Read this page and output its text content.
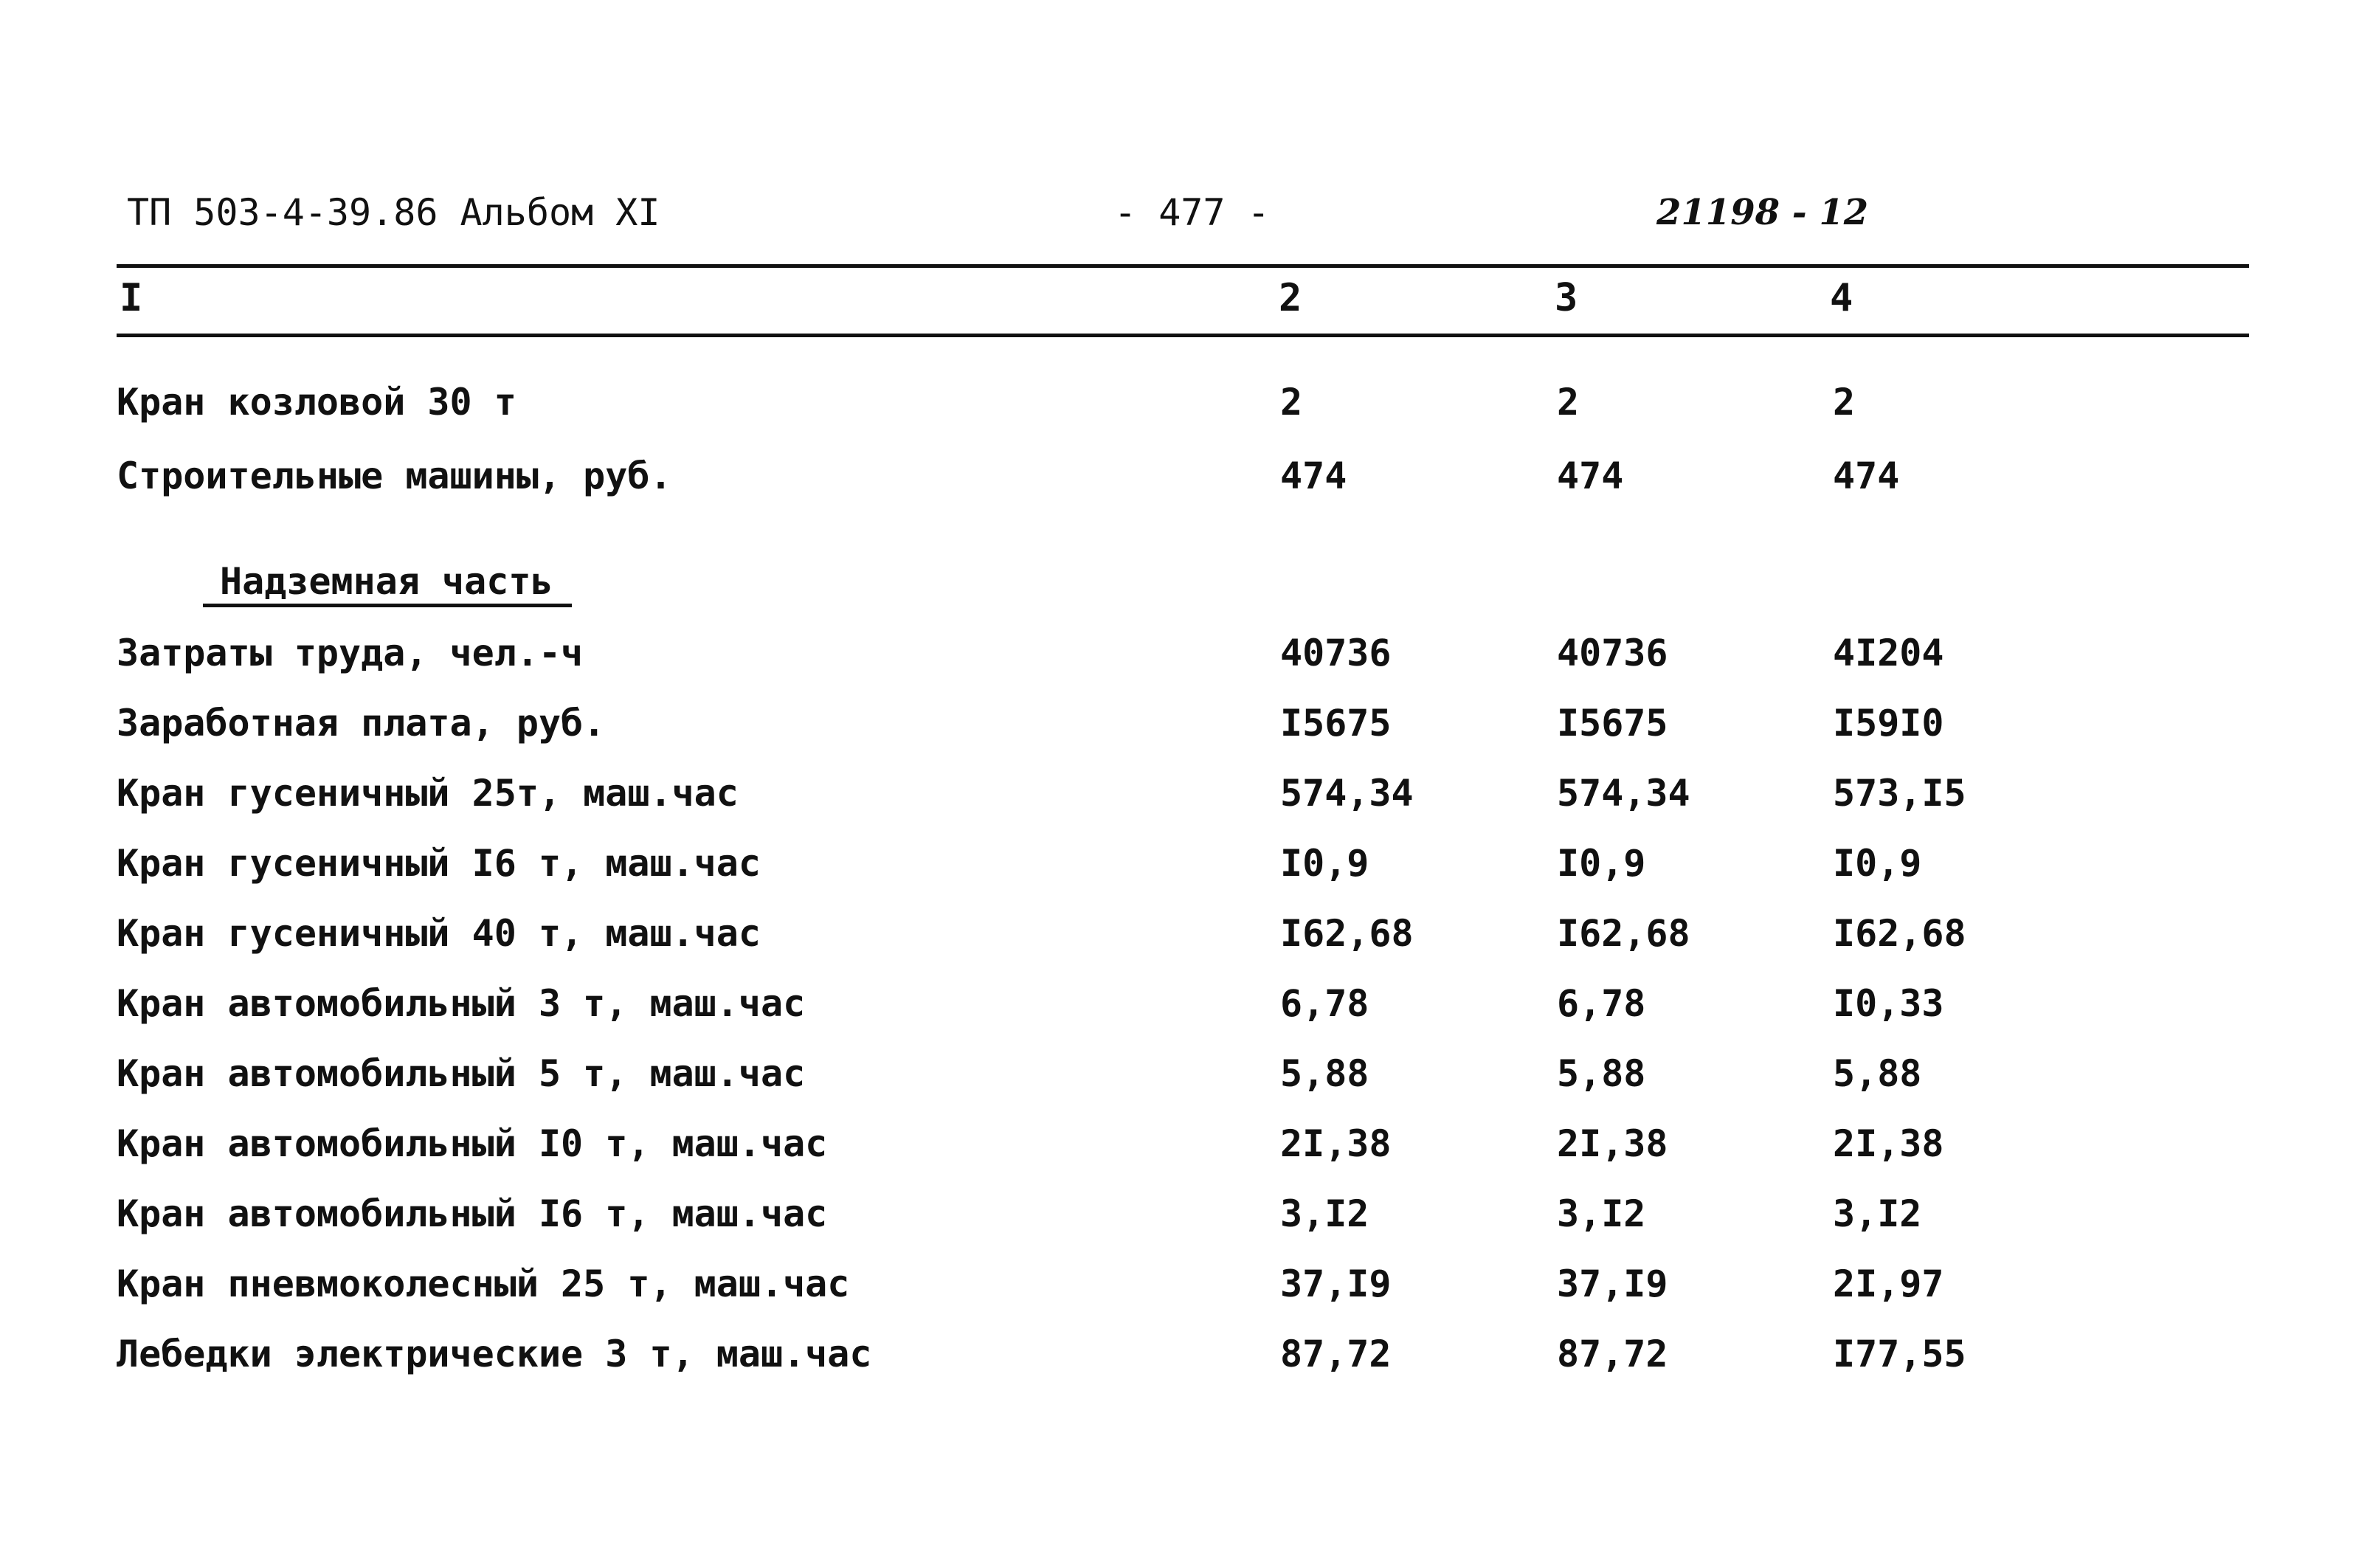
ТП 503-4-39.86 Альбом XI	- 477 -	21198 - 12
I	2	3	4
Кран козловой 30 т	2	2	2
Строительные машины, руб.	474	474	474
Надземная часть
Затраты труда, чел.-ч	40736	40736	4I204
Заработная плата, руб.	I5675	I5675	I59I0
Кран гусеничный 25т, маш.час	574,34	574,34	573,I5
Кран гусеничный I6 т, маш.час	I0,9	I0,9	I0,9
Кран гусеничный 40 т, маш.час	I62,68	I62,68	I62,68
Кран автомобильный 3 т, маш.час	6,78	6,78	I0,33
Кран автомобильный 5 т, маш.час	5,88	5,88	5,88
Кран автомобильный I0 т, маш.час	2I,38	2I,38	2I,38
Кран автомобильный I6 т, маш.час	3,I2	3,I2	3,I2
Кран пневмоколесный 25 т, маш.час	37,I9	37,I9	2I,97
Лебедки электрические 3 т, маш.час	87,72	87,72	I77,55
